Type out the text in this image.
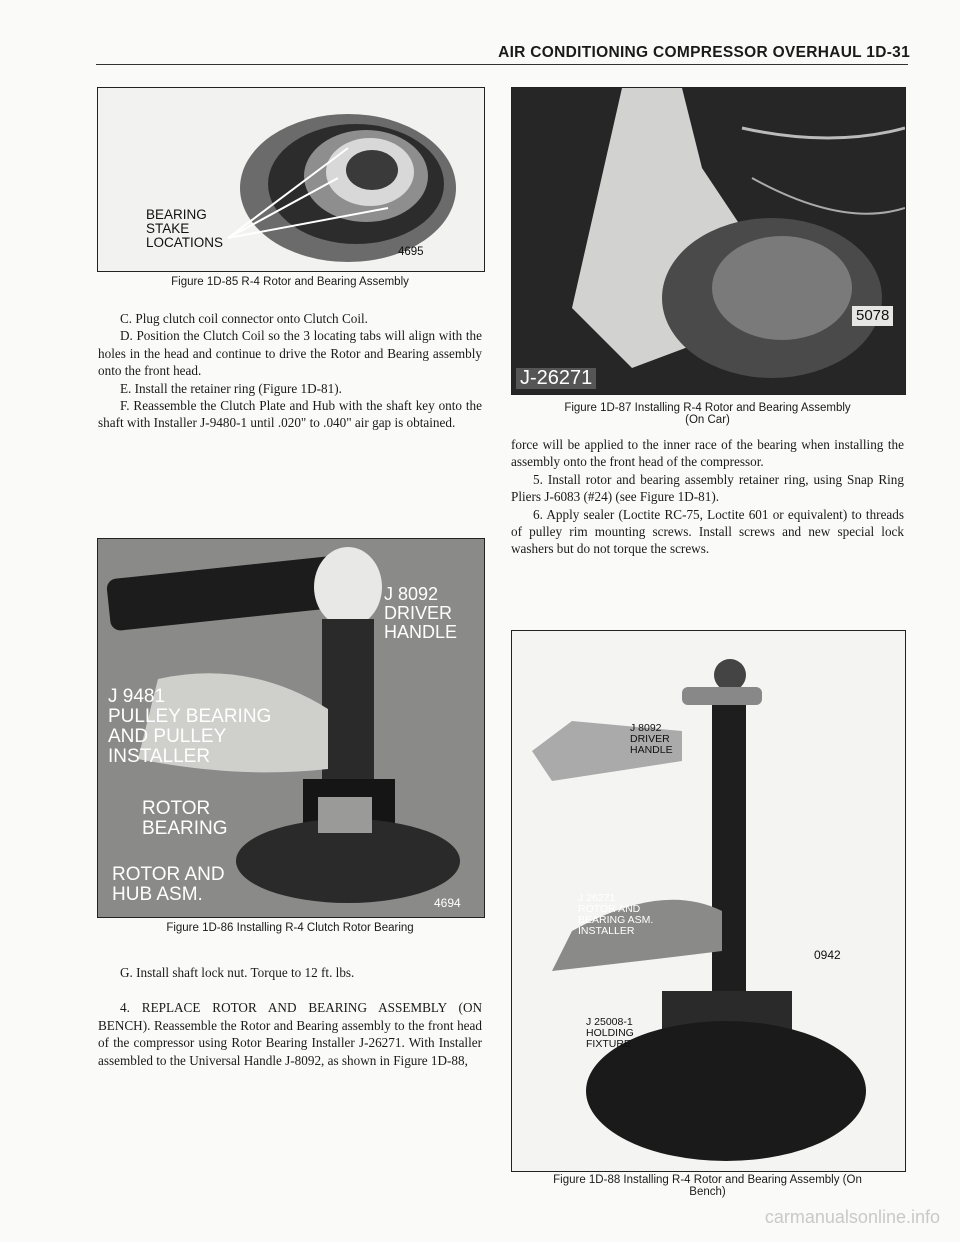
AIR CONDITIONING COMPRESSOR OVERHAUL 1D-31
BEARING
STAKE
LOCATIONS
4695
Figure 1D-85 R-4 Rotor and Bearing Assembly

C. Plug clutch coil connector onto Clutch Coil.

D. Position the Clutch Coil so the 3 locating tabs will align with the holes in the head and continue to drive the Rotor and Bearing assembly onto the front head.

E. Install the retainer ring (Figure 1D-81).

F. Reassemble the Clutch Plate and Hub with the shaft key onto the shaft with Installer J-9480-1 until .020" to .040" air gap is obtained.

J 8092
DRIVER
HANDLE
J 9481
PULLEY BEARING
AND PULLEY
INSTALLER
ROTOR
BEARING
ROTOR AND
HUB ASM.	4694
Figure 1D-86 Installing R-4 Clutch Rotor Bearing

G. Install shaft lock nut. Torque to 12 ft. lbs.

4. REPLACE ROTOR AND BEARING ASSEMBLY (ON BENCH). Reassemble the Rotor and Bearing assembly to the front head of the compressor using Rotor Bearing Installer J-26271. With Installer assembled to the Universal Handle J-8092, as shown in Figure 1D-88,

J-26271
5078
Figure 1D-87 Installing R-4 Rotor and Bearing Assembly
(On Car)

force will be applied to the inner race of the bearing when installing the assembly onto the front head of the compressor.

5. Install rotor and bearing assembly retainer ring, using Snap Ring Pliers J-6083 (#24) (see Figure 1D-81).

6. Apply sealer (Loctite RC-75, Loctite 601 or equivalent) to threads of pulley rim mounting screws. Install screws and new special lock washers but do not torque the screws.

J 8092
DRIVER
HANDLE
J 26271
ROTOR AND
BEARING ASM.
INSTALLER
J 25008-1
HOLDING
FIXTURE
0942
Figure 1D-88 Installing R-4 Rotor and Bearing Assembly (On
Bench)
carmanualsonline.info
